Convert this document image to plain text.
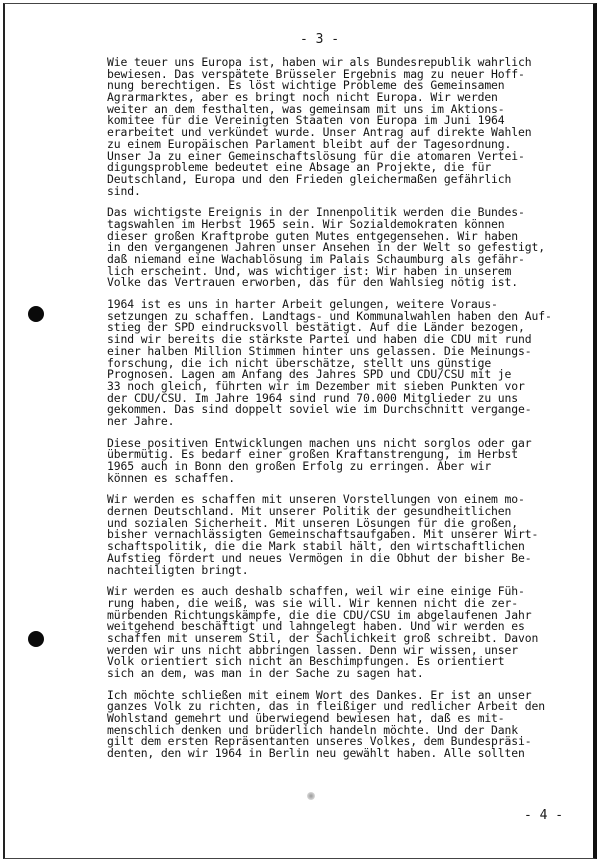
- 3 -
Wie teuer uns Europa ist, haben wir als Bundesrepublik wahrlich
bewiesen. Das verspätete Brüsseler Ergebnis mag zu neuer Hoff-
nung berechtigen. Es löst wichtige Probleme des Gemeinsamen
Agrarmarktes, aber es bringt noch nicht Europa. Wir werden
weiter an dem festhalten, was gemeinsam mit uns im Aktions-
komitee für die Vereinigten Staaten von Europa im Juni 1964
erarbeitet und verkündet wurde. Unser Antrag auf direkte Wahlen
zu einem Europäischen Parlament bleibt auf der Tagesordnung.
Unser Ja zu einer Gemeinschaftslösung für die atomaren Vertei-
digungsprobleme bedeutet eine Absage an Projekte, die für
Deutschland, Europa und den Frieden gleichermaßen gefährlich
sind.
Das wichtigste Ereignis in der Innenpolitik werden die Bundes-
tagswahlen im Herbst 1965 sein. Wir Sozialdemokraten können
dieser großen Kraftprobe guten Mutes entgegensehen. Wir haben
in den vergangenen Jahren unser Ansehen in der Welt so gefestigt,
daß niemand eine Wachablösung im Palais Schaumburg als gefähr-
lich erscheint. Und, was wichtiger ist: Wir haben in unserem
Volke das Vertrauen erworben, das für den Wahlsieg nötig ist.
1964 ist es uns in harter Arbeit gelungen, weitere Voraus-
setzungen zu schaffen. Landtags- und Kommunalwahlen haben den Auf-
stieg der SPD eindrucksvoll bestätigt. Auf die Länder bezogen,
sind wir bereits die stärkste Partei und haben die CDU mit rund
einer halben Million Stimmen hinter uns gelassen. Die Meinungs-
forschung, die ich nicht überschätze, stellt uns günstige
Prognosen. Lagen am Anfang des Jahres SPD und CDU/CSU mit je
33 noch gleich, führten wir im Dezember mit sieben Punkten vor
der CDU/CSU. Im Jahre 1964 sind rund 70.000 Mitglieder zu uns
gekommen. Das sind doppelt soviel wie im Durchschnitt vergange-
ner Jahre.
Diese positiven Entwicklungen machen uns nicht sorglos oder gar
übermütig. Es bedarf einer großen Kraftanstrengung, im Herbst
1965 auch in Bonn den großen Erfolg zu erringen. Aber wir
können es schaffen.
Wir werden es schaffen mit unseren Vorstellungen von einem mo-
dernen Deutschland. Mit unserer Politik der gesundheitlichen
und sozialen Sicherheit. Mit unseren Lösungen für die großen,
bisher vernachlässigten Gemeinschaftsaufgaben. Mit unserer Wirt-
schaftspolitik, die die Mark stabil hält, den wirtschaftlichen
Aufstieg fördert und neues Vermögen in die Obhut der bisher Be-
nachteiligten bringt.
Wir werden es auch deshalb schaffen, weil wir eine einige Füh-
rung haben, die weiß, was sie will. Wir kennen nicht die zer-
mürbenden Richtungskämpfe, die die CDU/CSU im abgelaufenen Jahr
weitgehend beschäftigt und lahngelegt haben. Und wir werden es
schaffen mit unserem Stil, der Sachlichkeit groß schreibt. Davon
werden wir uns nicht abbringen lassen. Denn wir wissen, unser
Volk orientiert sich nicht an Beschimpfungen. Es orientiert
sich an dem, was man in der Sache zu sagen hat.
Ich möchte schließen mit einem Wort des Dankes. Er ist an unser
ganzes Volk zu richten, das in fleißiger und redlicher Arbeit den
Wohlstand gemehrt und überwiegend bewiesen hat, daß es mit-
menschlich denken und brüderlich handeln möchte. Und der Dank
gilt dem ersten Repräsentanten unseres Volkes, dem Bundespräsi-
denten, den wir 1964 in Berlin neu gewählt haben. Alle sollten
- 4 -
